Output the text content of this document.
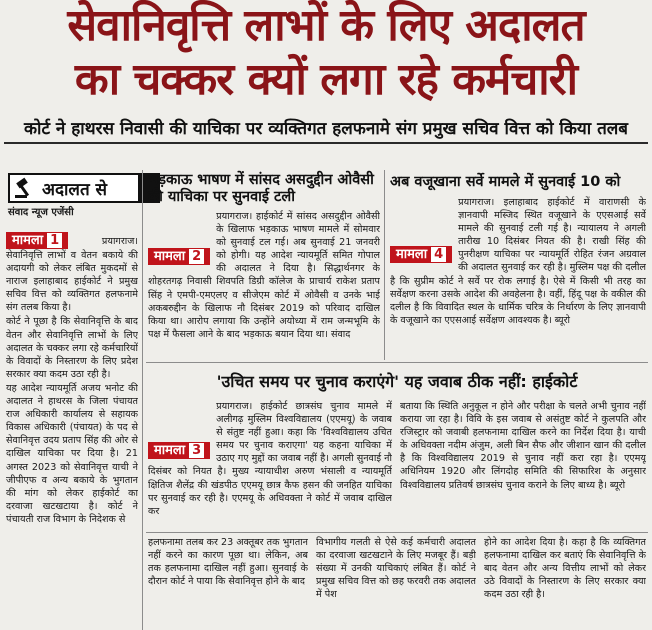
सेवानिवृत्ति लाभों के लिए अदालत
का चक्कर क्यों लगा रहे कर्मचारी
कोर्ट ने हाथरस निवासी की याचिका पर व्यक्तिगत हलफनामे संग प्रमुख सचिव वित्त को किया तलब
अदालत से
संवाद न्यूज एजेंसी

मामला 1	प्रयागराज। सेवानिवृत्ति लाभों व वेतन बकाये की अदायगी को लेकर लंबित मुकदमों से नाराज इलाहाबाद हाईकोर्ट ने प्रमुख सचिव वित्त को व्यक्तिगत हलफनामे संग तलब किया है।

कोर्ट ने पूछा है कि सेवानिवृत्ति के बाद वेतन और सेवानिवृत्ति लाभों के लिए अदालत के चक्कर लगा रहे कर्मचारियों के विवादों के निस्तारण के लिए प्रदेश सरकार क्या कदम उठा रही है।

यह आदेश न्यायमूर्ति अजय भनोट की अदालत ने हाथरस के जिला पंचायत राज अधिकारी कार्यालय से सहायक विकास अधिकारी (पंचायत) के पद से सेवानिवृत्त उदय प्रताप सिंह की ओर से दाखिल याचिका पर दिया है। 21 अगस्त 2023 को सेवानिवृत्त याची ने जीपीएफ व अन्य बकाये के भुगतान की मांग को लेकर हाईकोर्ट का दरवाजा खटखटाया है। कोर्ट ने पंचायती राज विभाग के निदेशक से

भड़काऊ भाषण में सांसद असदुद्दीन ओवैसी की याचिका पर सुनवाई टली

मामला 2
प्रयागराज। हाईकोर्ट में सांसद असदुद्दीन ओवैसी के खिलाफ भड़काऊ भाषण मामले में सोमवार को सुनवाई टल गई। अब सुनवाई 21 जनवरी को होगी। यह आदेश न्यायमूर्ति समित गोपाल की अदालत ने दिया है। सिद्धार्थनगर के शोहरतगढ़ निवासी शिवपति डिग्री कॉलेज के प्राचार्य राकेश प्रताप सिंह ने एमपी-एमएलए व सीजेएम कोर्ट में ओवैसी व उनके भाई अकबरुद्दीन के खिलाफ नौ दिसंबर 2019 को परिवाद दाखिल किया था। आरोप लगाया कि उन्होंने अयोध्या में राम जन्मभूमि के पक्ष में फैसला आने के बाद भड़काऊ बयान दिया था। संवाद

अब वजूखाना सर्वे मामले में सुनवाई 10 को

मामला 4
प्रयागराज। इलाहाबाद हाईकोर्ट में वाराणसी के ज्ञानवापी मस्जिद स्थित वजूखाने के एएसआई सर्वे मामले की सुनवाई टली गई है। न्यायालय ने अगली तारीख 10 दिसंबर नियत की है। राखी सिंह की पुनरीक्षण याचिका पर न्यायमूर्ति रोहित रंजन अग्रवाल की अदालत सुनवाई कर रही है। मुस्लिम पक्ष की दलील है कि सुप्रीम कोर्ट ने सर्वे पर रोक लगाई है। ऐसे में किसी भी तरह का सर्वेक्षण करना उसके आदेश की अवहेलना है। वहीं, हिंदू पक्ष के वकील की दलील है कि विवादित स्थल के धार्मिक चरित्र के निर्धारण के लिए ज्ञानवापी के वजूखाने का एएसआई सर्वेक्षण आवश्यक है। ब्यूरो

'उचित समय पर चुनाव कराएंगे' यह जवाब ठीक नहीं: हाईकोर्ट

मामला 3
प्रयागराज। हाईकोर्ट छात्रसंघ चुनाव मामले में अलीगढ़ मुस्लिम विश्वविद्यालय (एएमयू) के जवाब से संतुष्ट नहीं हुआ। कहा कि 'विश्वविद्यालय उचित समय पर चुनाव कराएगा' यह कहना याचिका में उठाए गए मुद्दों का जवाब नहीं है। अगली सुनवाई नौ दिसंबर को नियत है। मुख्य न्यायाधीश अरुण भंसाली व न्यायमूर्ति क्षितिज शैलेंद्र की खंडपीठ एएमयू छात्र कैफ हसन की जनहित याचिका पर सुनवाई कर रही है। एएमयू के अधिवक्ता ने कोर्ट में जवाब दाखिल कर

बताया कि स्थिति अनुकूल न होने और परीक्षा के चलते अभी चुनाव नहीं कराया जा रहा है। विवि के इस जवाब से असंतुष्ट कोर्ट ने कुलपति और रजिस्ट्रार को जवाबी हलफनामा दाखिल करने का निर्देश दिया है। याची के अधिवक्ता नदीम अंजुम, अली बिन सैफ और जीशान खान की दलील है कि विश्वविद्यालय 2019 से चुनाव नहीं करा रहा है। एएमयू अधिनियम 1920 और लिंगदोह समिति की सिफारिश के अनुसार विश्वविद्यालय प्रतिवर्ष छात्रसंघ चुनाव कराने के लिए बाध्य है। ब्यूरो
हलफनामा तलब कर 23 अक्तूबर तक भुगतान नहीं करने का कारण पूछा था। लेकिन, अब तक हलफनामा दाखिल नहीं हुआ। सुनवाई के दौरान कोर्ट ने पाया कि सेवानिवृत्त होने के बाद
विभागीय गलती से ऐसे कई कर्मचारी अदालत का दरवाजा खटखटाने के लिए मजबूर हैं। बड़ी संख्या में उनकी याचिकाएं लंबित हैं। कोर्ट ने प्रमुख सचिव वित्त को छह फरवरी तक अदालत में पेश
होने का आदेश दिया है। कहा है कि व्यक्तिगत हलफनामा दाखिल कर बताएं कि सेवानिवृत्ति के बाद वेतन और अन्य वित्तीय लाभों को लेकर उठे विवादों के निस्तारण के लिए सरकार क्या कदम उठा रही है।
